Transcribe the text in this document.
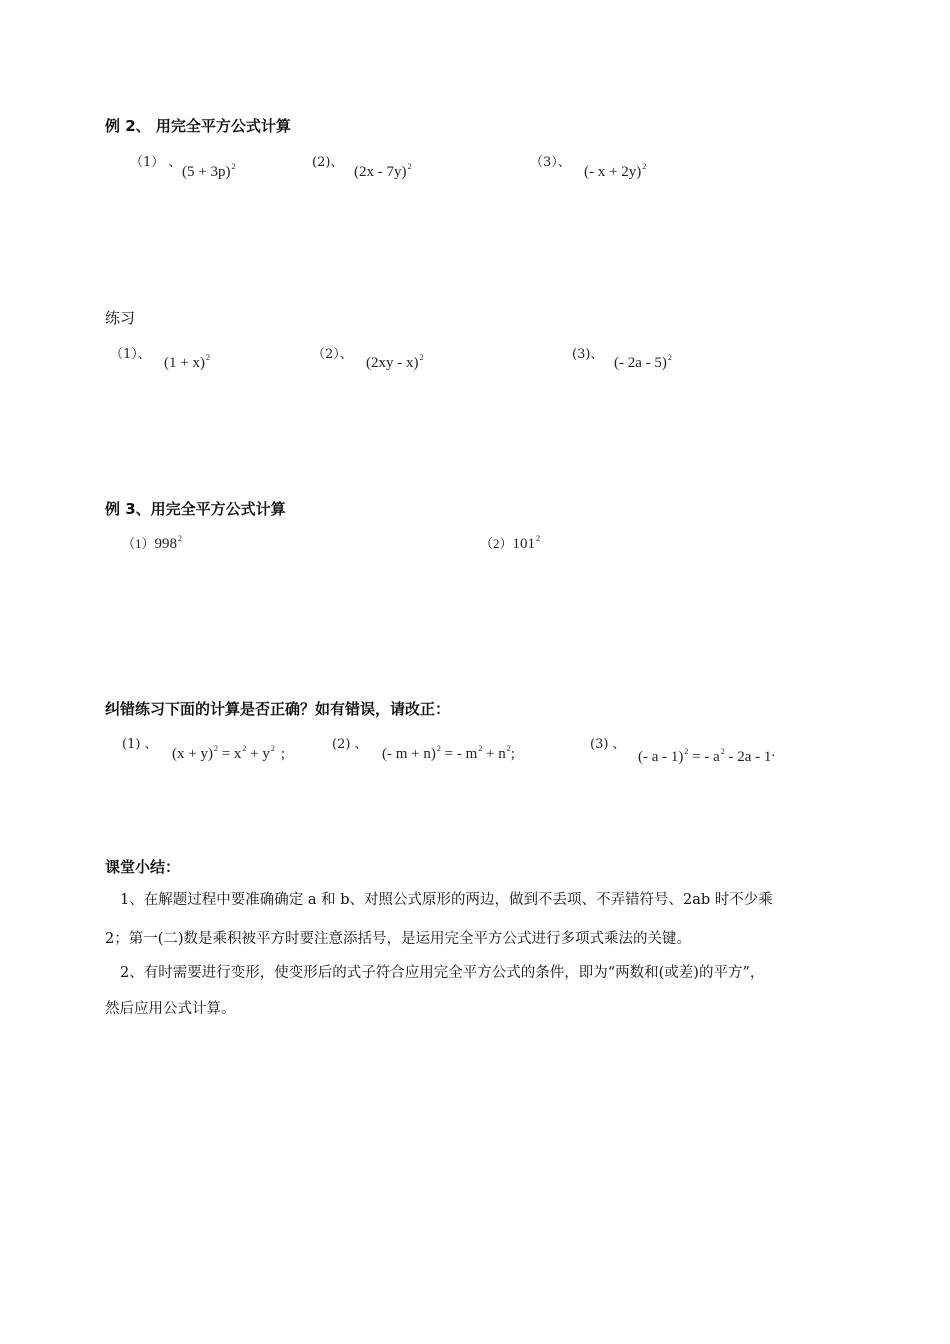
例 2、 用完全平方公式计算
（1） 、
$(5 + 3p)^2$	(2)、
(2x - 7y)$^2$	（3）、
(- x + 2y)$^2$
练习
（1）、
$(1 + x)^2$	（2）、
(2xy - x)$^2$	(3)、
(- 2a - 5)$^2$
例 3、用完全平方公式计算
$(1)998^2$	$(2)101^2$
纠错练习下面的计算是否正确？如有错误，请改正：
(1) 、
$(x + y)^2 = x^2 + y^2$ ;
(2) 、
(- m + n)$^2$ = - $m^2 + n^2$;
(3) 、
(- a - 1)$^2$ = - $a^2 - 2a - 1$.
课堂小结：
1、在解题过程中要准确确定 a 和 b、对照公式原形的两边，做到不丢项、不弄错符号、2ab 时不少乘
2；第一(二)数是乘积被平方时要注意添括号，是运用完全平方公式进行多项式乘法的关键。
2、有时需要进行变形，使变形后的式子符合应用完全平方公式的条件，即为“两数和(或差)的平方”，
然后应用公式计算。
